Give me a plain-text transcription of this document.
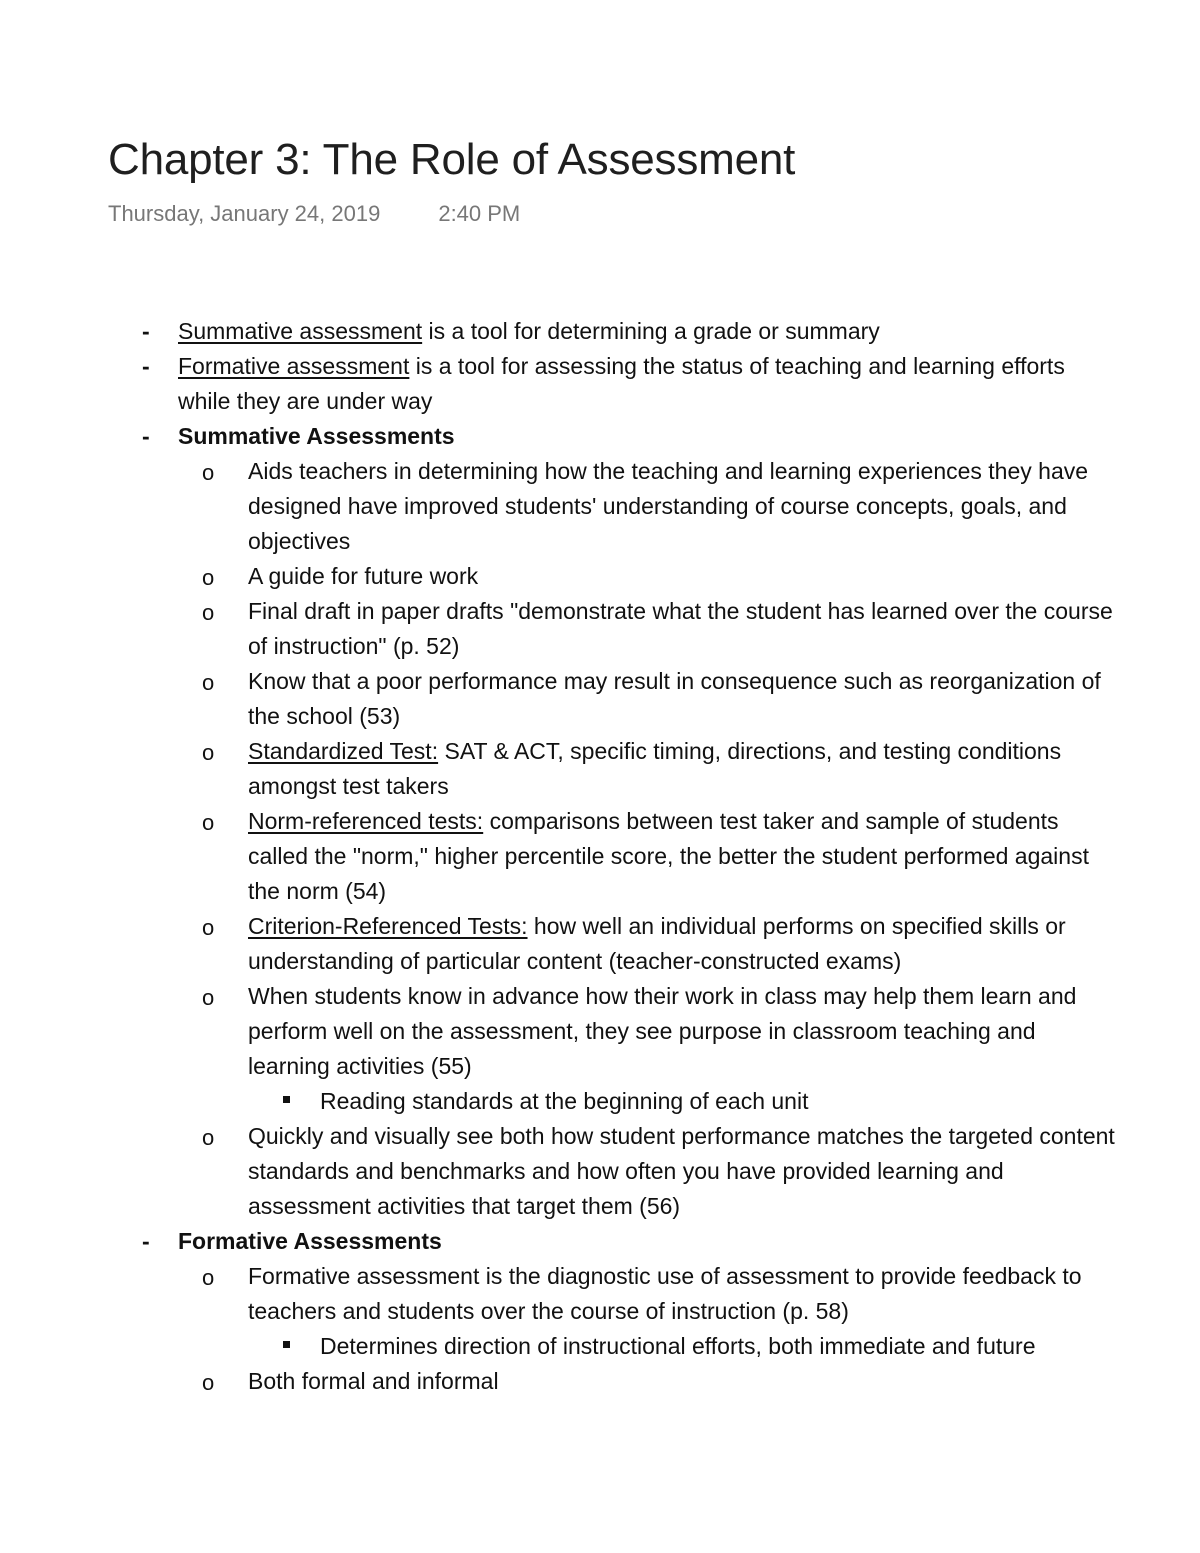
Chapter 3: The Role of Assessment
Thursday, January 24, 2019	2:40 PM
- Summative assessment is a tool for determining a grade or summary
- Formative assessment is a tool for assessing the status of teaching and learning efforts while they are under way
- Summative Assessments
o Aids teachers in determining how the teaching and learning experiences they have designed have improved students' understanding of course concepts, goals, and objectives
o A guide for future work
o Final draft in paper drafts "demonstrate what the student has learned over the course of instruction" (p. 52)
o Know that a poor performance may result in consequence such as reorganization of the school (53)
o Standardized Test: SAT & ACT, specific timing, directions, and testing conditions amongst test takers
o Norm-referenced tests: comparisons between test taker and sample of students called the "norm," higher percentile score, the better the student performed against the norm (54)
o Criterion-Referenced Tests: how well an individual performs on specified skills or understanding of particular content (teacher-constructed exams)
o When students know in advance how their work in class may help them learn and perform well on the assessment, they see purpose in classroom teaching and learning activities (55)
Reading standards at the beginning of each unit
o Quickly and visually see both how student performance matches the targeted content standards and benchmarks and how often you have provided learning and assessment activities that target them (56)
- Formative Assessments
o Formative assessment is the diagnostic use of assessment to provide feedback to teachers and students over the course of instruction (p. 58)
Determines direction of instructional efforts, both immediate and future
o Both formal and informal
